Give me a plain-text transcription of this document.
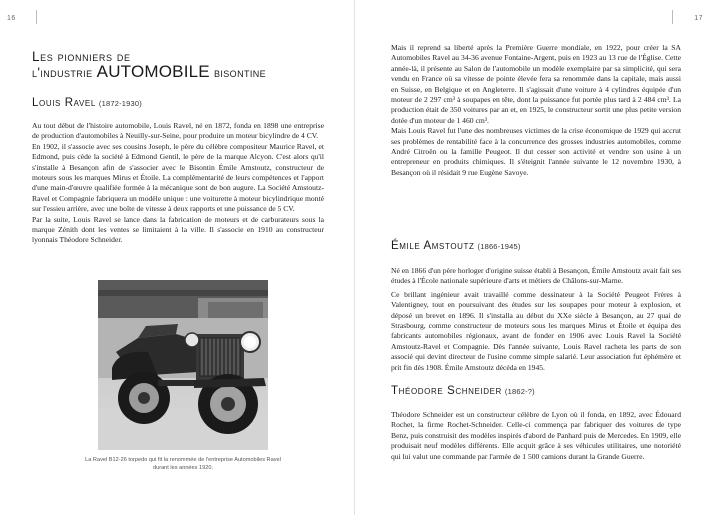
16	17
Les pionniers de
l'industrie AUTOMOBILE bisontine
Louis Ravel (1872-1930)

Au tout début de l'histoire automobile, Louis Ravel, né en 1872, fonda en 1898 une entreprise de production d'automobiles à Neuilly-sur-Seine, pour produire un moteur bicylindre de 4 CV.

En 1902, il s'associe avec ses cousins Joseph, le père du célèbre compositeur Maurice Ravel, et Edmond, puis cède la société à Edmond Gentil, le père de la marque Alcyon. C'est alors qu'il s'installe à Besançon afin de s'associer avec le Bisontin Émile Amstoutz, constructeur de moteurs sous les marques Mirus et Étoile. La complémentarité de leurs compétences et l'apport d'une main-d'œuvre qualifiée formée à la mécanique sont de bon augure. La Société Amstoutz-Ravel et Compagnie fabriquera un modèle unique : une voiturette à moteur bicylindrique monté sur l'essieu arrière, avec une boîte de vitesse à deux rapports et une puissance de 5 CV.

Par la suite, Louis Ravel se lance dans la fabrication de moteurs et de carburateurs sous la marque Zénith dont les ventes se limitaient à la ville. Il s'associe en 1910 au constructeur lyonnais Théodore Schneider.

La Ravel B12-26 torpedo qui fit la renommée de l'entreprise Automobiles Ravel durant les années 1920.

Mais il reprend sa liberté après la Première Guerre mondiale, en 1922, pour créer la SA Automobiles Ravel au 34-36 avenue Fontaine-Argent, puis en 1923 au 13 rue de l'Église. Cette année-là, il présente au Salon de l'automobile un modèle exemplaire par sa simplicité, qui sera vendu en France où sa vitesse de pointe élevée fera sa renommée dans la capitale, mais aussi en Suisse, en Belgique et en Angleterre. Il s'agissait d'une voiture à 4 cylindres équipée d'un moteur de 2 297 cm³ à soupapes en tête, dont la puissance fut portée plus tard à 2 484 cm³. La production était de 350 voitures par an et, en 1925, le constructeur sortit une plus petite version dotée d'un moteur de 1 460 cm³.

Mais Louis Ravel fut l'une des nombreuses victimes de la crise économique de 1929 qui accrut ses problèmes de rentabilité face à la concurrence des grosses industries automobiles, comme André Citroën ou la famille Peugeot. Il dut cesser son activité et vendre son usine à un entrepreneur en produits chimiques. Il s'éteignit l'année suivante le 12 novembre 1930, à Besançon où il résidait 9 rue Eugène Savoye.

Émile Amstoutz (1866-1945)

Né en 1866 d'un père horloger d'origine suisse établi à Besançon, Émile Amstoutz avait fait ses études à l'École nationale supérieure d'arts et métiers de Châlons-sur-Marne.

Ce brillant ingénieur avait travaillé comme dessinateur à la Société Peugeot Frères à Valentigney, tout en poursuivant des études sur les soupapes pour moteur à explosion, et déposé un brevet en 1896. Il s'installa au début du XXe siècle à Besançon, au 27 quai de Strasbourg, comme constructeur de moteurs sous les marques Mirus et Étoile et équipa des fabricants automobiles régionaux, avant de fonder en 1906 avec Louis Ravel la Société Amstoutz-Ravel et Compagnie. Dès l'année suivante, Louis Ravel racheta les parts de son associé qui devint directeur de l'usine comme simple salarié. Leur association fut éphémère et prit fin dès 1908. Émile Amstoutz décéda en 1945.

Théodore Schneider (1862-?)

Théodore Schneider est un constructeur célèbre de Lyon où il fonda, en 1892, avec Édouard Rochet, la firme Rochet-Schneider. Celle-ci commença par fabriquer des voitures de type Benz, puis construisit des modèles inspirés d'abord de Panhard puis de Mercedes. En 1909, elle produisait neuf modèles différents. Elle acquit grâce à ses véhicules utilitaires, une notoriété qui lui valut une commande par l'armée de 1 500 camions durant la Grande Guerre.
